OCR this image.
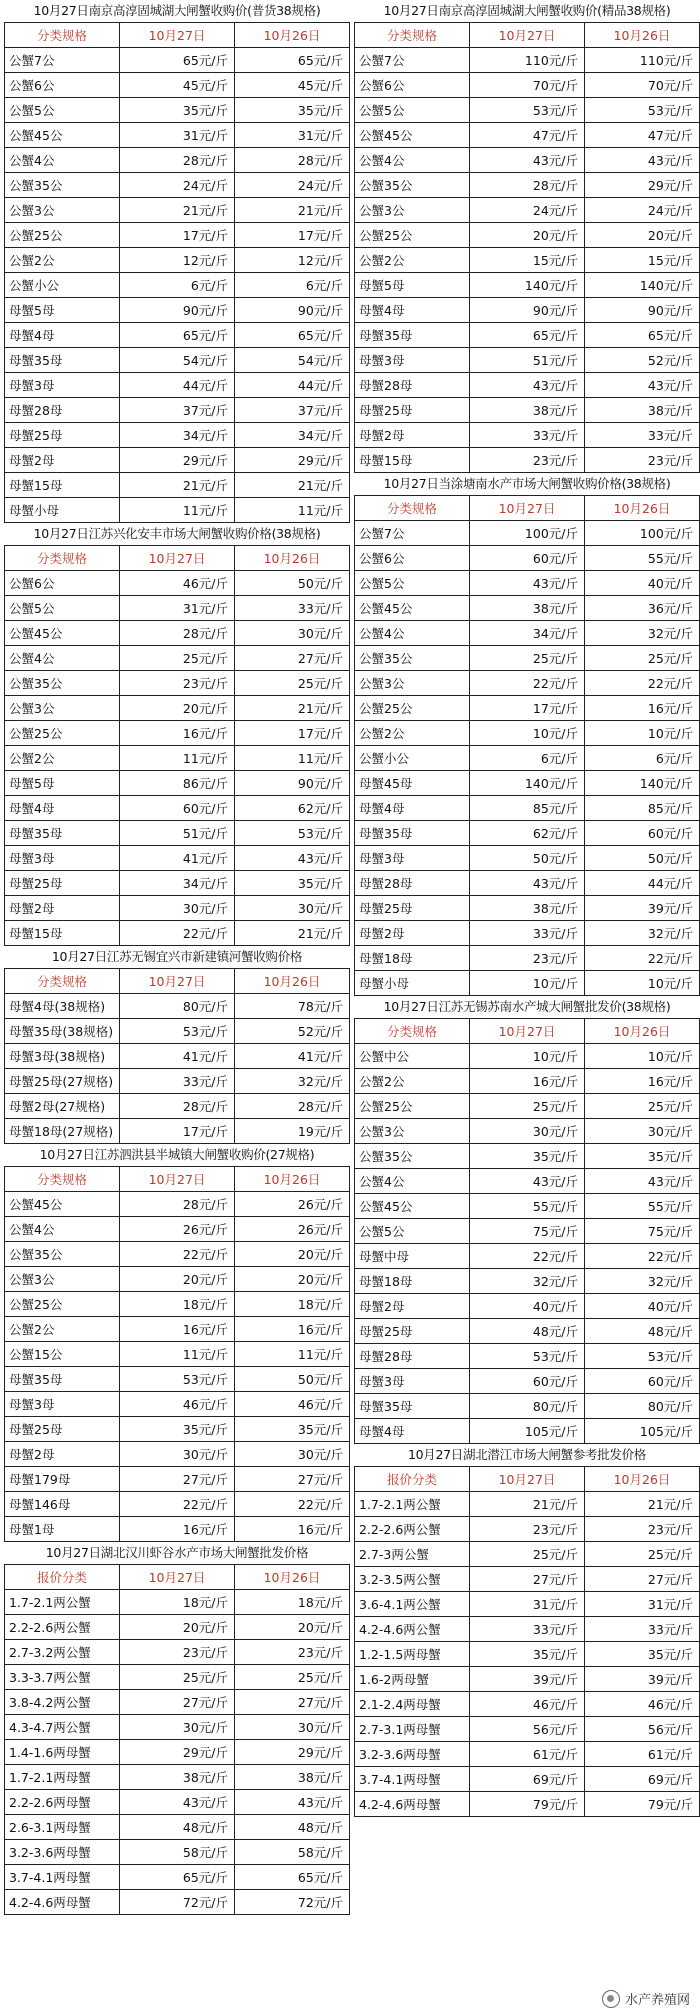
10月27日南京高淳固城湖大闸蟹收购价(普货38规格)
分类规格	10月27日	10月26日
公蟹7公	65元/斤	65元/斤
公蟹6公	45元/斤	45元/斤
公蟹5公	35元/斤	35元/斤
公蟹45公	31元/斤	31元/斤
公蟹4公	28元/斤	28元/斤
公蟹35公	24元/斤	24元/斤
公蟹3公	21元/斤	21元/斤
公蟹25公	17元/斤	17元/斤
公蟹2公	12元/斤	12元/斤
公蟹小公	6元/斤	6元/斤
母蟹5母	90元/斤	90元/斤
母蟹4母	65元/斤	65元/斤
母蟹35母	54元/斤	54元/斤
母蟹3母	44元/斤	44元/斤
母蟹28母	37元/斤	37元/斤
母蟹25母	34元/斤	34元/斤
母蟹2母	29元/斤	29元/斤
母蟹15母	21元/斤	21元/斤
母蟹小母	11元/斤	11元/斤
10月27日江苏兴化安丰市场大闸蟹收购价格(38规格)
分类规格	10月27日	10月26日
公蟹6公	46元/斤	50元/斤
公蟹5公	31元/斤	33元/斤
公蟹45公	28元/斤	30元/斤
公蟹4公	25元/斤	27元/斤
公蟹35公	23元/斤	25元/斤
公蟹3公	20元/斤	21元/斤
公蟹25公	16元/斤	17元/斤
公蟹2公	11元/斤	11元/斤
母蟹5母	86元/斤	90元/斤
母蟹4母	60元/斤	62元/斤
母蟹35母	51元/斤	53元/斤
母蟹3母	41元/斤	43元/斤
母蟹25母	34元/斤	35元/斤
母蟹2母	30元/斤	30元/斤
母蟹15母	22元/斤	21元/斤
10月27日江苏无锡宜兴市新建镇河蟹收购价格
分类规格	10月27日	10月26日
母蟹4母(38规格)	80元/斤	78元/斤
母蟹35母(38规格)	53元/斤	52元/斤
母蟹3母(38规格)	41元/斤	41元/斤
母蟹25母(27规格)	33元/斤	32元/斤
母蟹2母(27规格)	28元/斤	28元/斤
母蟹18母(27规格)	17元/斤	19元/斤
10月27日江苏泗洪县半城镇大闸蟹收购价(27规格)
分类规格	10月27日	10月26日
公蟹45公	28元/斤	26元/斤
公蟹4公	26元/斤	26元/斤
公蟹35公	22元/斤	20元/斤
公蟹3公	20元/斤	20元/斤
公蟹25公	18元/斤	18元/斤
公蟹2公	16元/斤	16元/斤
公蟹15公	11元/斤	11元/斤
母蟹35母	53元/斤	50元/斤
母蟹3母	46元/斤	46元/斤
母蟹25母	35元/斤	35元/斤
母蟹2母	30元/斤	30元/斤
母蟹179母	27元/斤	27元/斤
母蟹146母	22元/斤	22元/斤
母蟹1母	16元/斤	16元/斤
10月27日湖北汉川虾谷水产市场大闸蟹批发价格
报价分类	10月27日	10月26日
1.7-2.1两公蟹	18元/斤	18元/斤
2.2-2.6两公蟹	20元/斤	20元/斤
2.7-3.2两公蟹	23元/斤	23元/斤
3.3-3.7两公蟹	25元/斤	25元/斤
3.8-4.2两公蟹	27元/斤	27元/斤
4.3-4.7两公蟹	30元/斤	30元/斤
1.4-1.6两母蟹	29元/斤	29元/斤
1.7-2.1两母蟹	38元/斤	38元/斤
2.2-2.6两母蟹	43元/斤	43元/斤
2.6-3.1两母蟹	48元/斤	48元/斤
3.2-3.6两母蟹	58元/斤	58元/斤
3.7-4.1两母蟹	65元/斤	65元/斤
4.2-4.6两母蟹	72元/斤	72元/斤
10月27日南京高淳固城湖大闸蟹收购价(精品38规格)
分类规格	10月27日	10月26日
公蟹7公	110元/斤	110元/斤
公蟹6公	70元/斤	70元/斤
公蟹5公	53元/斤	53元/斤
公蟹45公	47元/斤	47元/斤
公蟹4公	43元/斤	43元/斤
公蟹35公	28元/斤	29元/斤
公蟹3公	24元/斤	24元/斤
公蟹25公	20元/斤	20元/斤
公蟹2公	15元/斤	15元/斤
母蟹5母	140元/斤	140元/斤
母蟹4母	90元/斤	90元/斤
母蟹35母	65元/斤	65元/斤
母蟹3母	51元/斤	52元/斤
母蟹28母	43元/斤	43元/斤
母蟹25母	38元/斤	38元/斤
母蟹2母	33元/斤	33元/斤
母蟹15母	23元/斤	23元/斤
10月27日当涂塘南水产市场大闸蟹收购价格(38规格)
分类规格	10月27日	10月26日
公蟹7公	100元/斤	100元/斤
公蟹6公	60元/斤	55元/斤
公蟹5公	43元/斤	40元/斤
公蟹45公	38元/斤	36元/斤
公蟹4公	34元/斤	32元/斤
公蟹35公	25元/斤	25元/斤
公蟹3公	22元/斤	22元/斤
公蟹25公	17元/斤	16元/斤
公蟹2公	10元/斤	10元/斤
公蟹小公	6元/斤	6元/斤
母蟹45母	140元/斤	140元/斤
母蟹4母	85元/斤	85元/斤
母蟹35母	62元/斤	60元/斤
母蟹3母	50元/斤	50元/斤
母蟹28母	43元/斤	44元/斤
母蟹25母	38元/斤	39元/斤
母蟹2母	33元/斤	32元/斤
母蟹18母	23元/斤	22元/斤
母蟹小母	10元/斤	10元/斤
10月27日江苏无锡苏南水产城大闸蟹批发价(38规格)
分类规格	10月27日	10月26日
公蟹中公	10元/斤	10元/斤
公蟹2公	16元/斤	16元/斤
公蟹25公	25元/斤	25元/斤
公蟹3公	30元/斤	30元/斤
公蟹35公	35元/斤	35元/斤
公蟹4公	43元/斤	43元/斤
公蟹45公	55元/斤	55元/斤
公蟹5公	75元/斤	75元/斤
母蟹中母	22元/斤	22元/斤
母蟹18母	32元/斤	32元/斤
母蟹2母	40元/斤	40元/斤
母蟹25母	48元/斤	48元/斤
母蟹28母	53元/斤	53元/斤
母蟹3母	60元/斤	60元/斤
母蟹35母	80元/斤	80元/斤
母蟹4母	105元/斤	105元/斤
10月27日湖北潜江市场大闸蟹参考批发价格
报价分类	10月27日	10月26日
1.7-2.1两公蟹	21元/斤	21元/斤
2.2-2.6两公蟹	23元/斤	23元/斤
2.7-3两公蟹	25元/斤	25元/斤
3.2-3.5两公蟹	27元/斤	27元/斤
3.6-4.1两公蟹	31元/斤	31元/斤
4.2-4.6两公蟹	33元/斤	33元/斤
1.2-1.5两母蟹	35元/斤	35元/斤
1.6-2两母蟹	39元/斤	39元/斤
2.1-2.4两母蟹	46元/斤	46元/斤
2.7-3.1两母蟹	56元/斤	56元/斤
3.2-3.6两母蟹	61元/斤	61元/斤
3.7-4.1两母蟹	69元/斤	69元/斤
4.2-4.6两母蟹	79元/斤	79元/斤
水产养殖网
